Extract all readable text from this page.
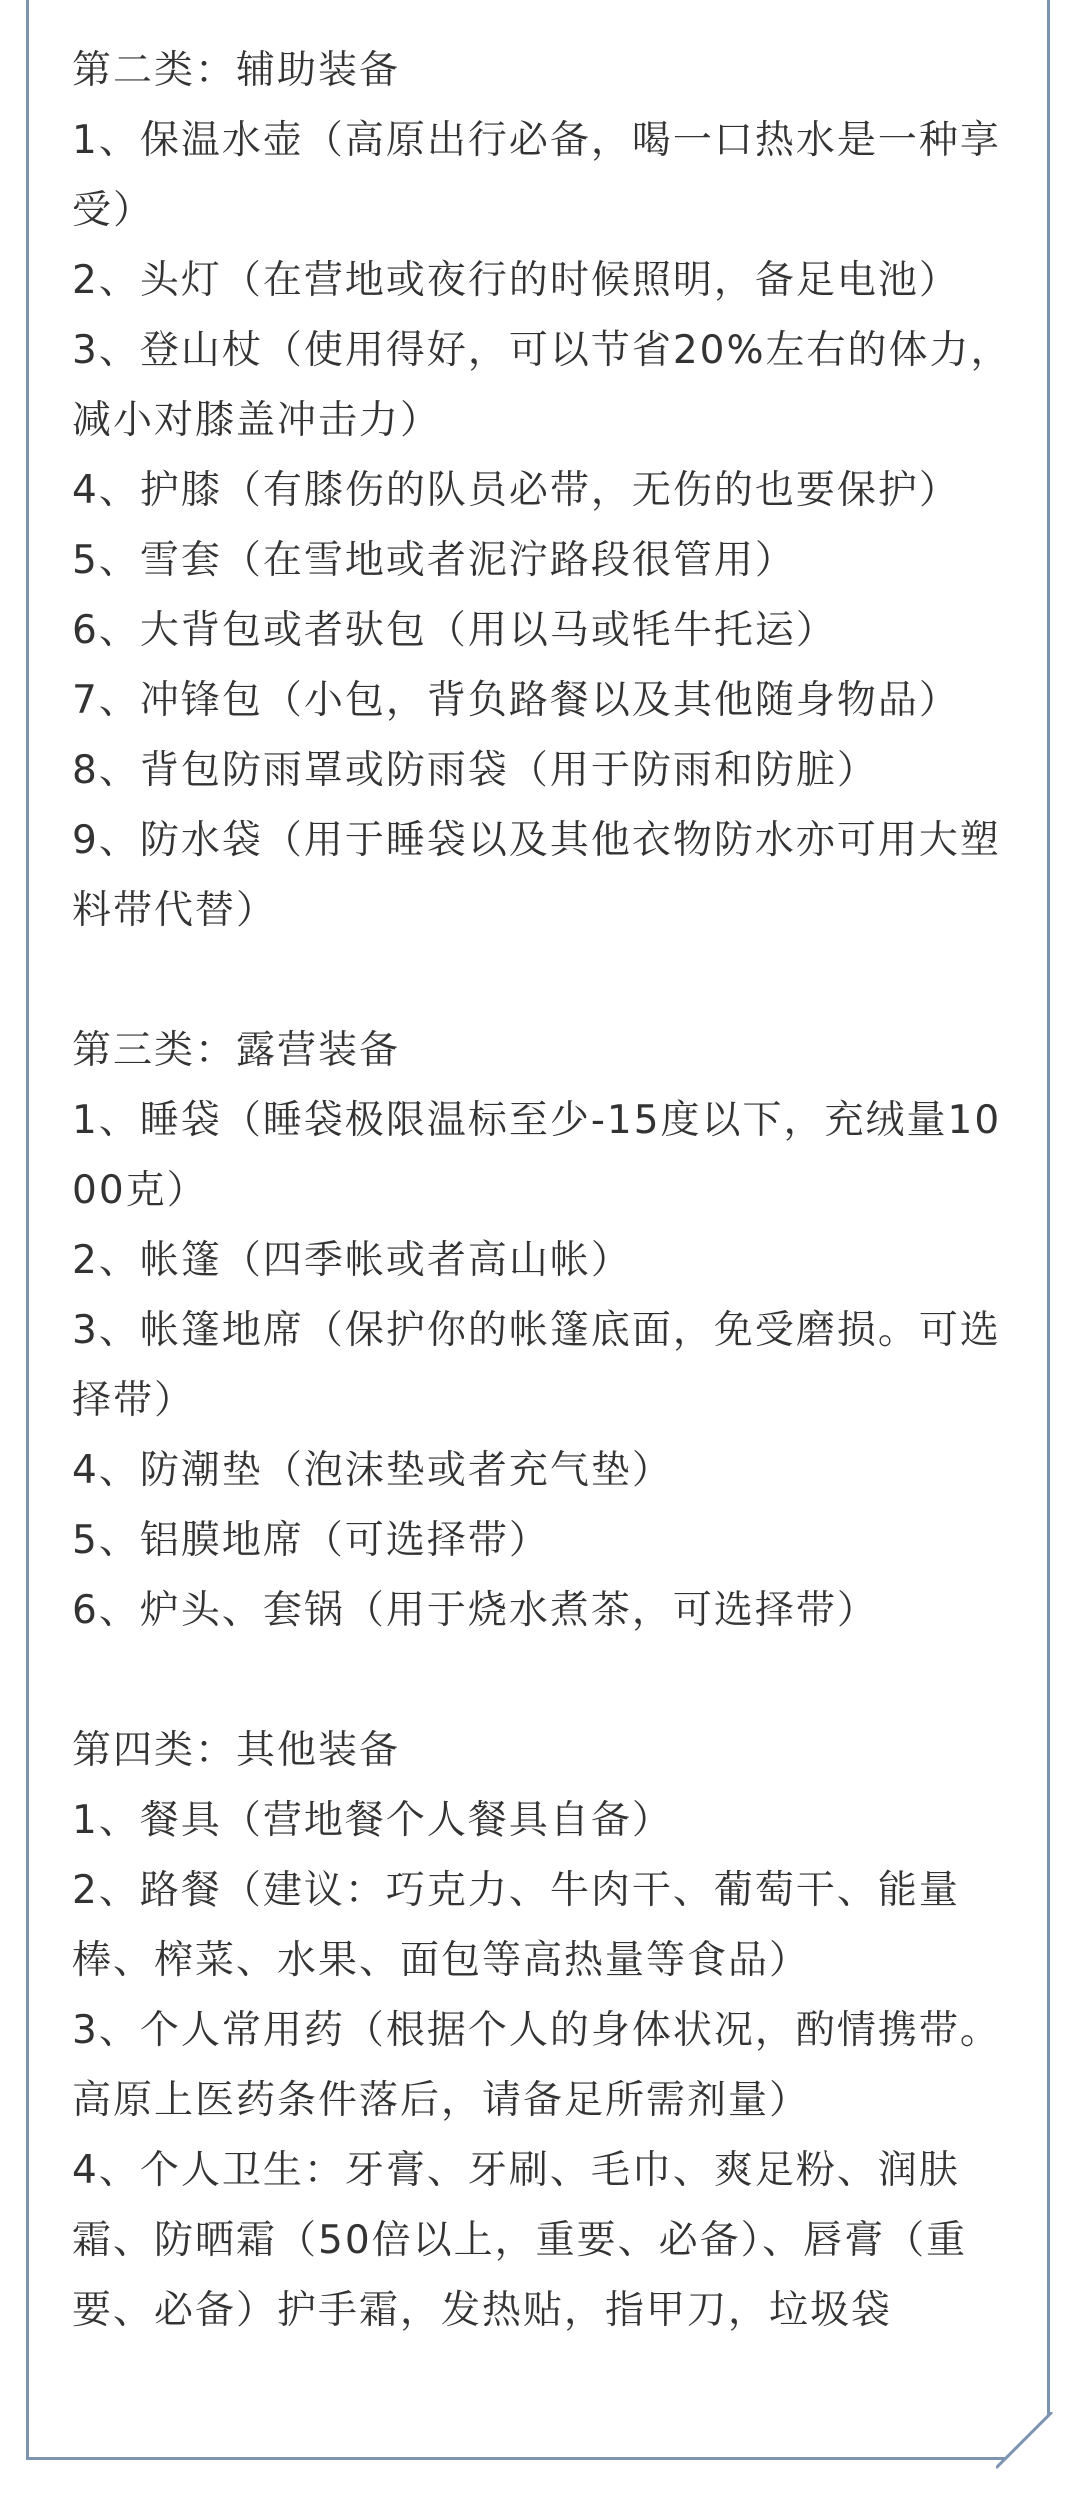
第二类：辅助装备
1、保温水壶（高原出行必备，喝一口热水是一种享受）
2、头灯（在营地或夜行的时候照明，备足电池）
3、登山杖（使用得好，可以节省20%左右的体力，减小对膝盖冲击力）
4、护膝（有膝伤的队员必带，无伤的也要保护）
5、雪套（在雪地或者泥泞路段很管用）
6、大背包或者驮包（用以马或牦牛托运）
7、冲锋包（小包，背负路餐以及其他随身物品）
8、背包防雨罩或防雨袋（用于防雨和防脏）
9、防水袋（用于睡袋以及其他衣物防水亦可用大塑料带代替）
第三类：露营装备
1、睡袋（睡袋极限温标至少-15度以下，充绒量1000克）
2、帐篷（四季帐或者高山帐）
3、帐篷地席（保护你的帐篷底面，免受磨损。可选择带）
4、防潮垫（泡沫垫或者充气垫）
5、铝膜地席（可选择带）
6、炉头、套锅（用于烧水煮茶，可选择带）
第四类：其他装备
1、餐具（营地餐个人餐具自备）
2、路餐（建议：巧克力、牛肉干、葡萄干、能量棒、榨菜、水果、面包等高热量等食品）
3、个人常用药（根据个人的身体状况，酌情携带。高原上医药条件落后，请备足所需剂量）
4、个人卫生：牙膏、牙刷、毛巾、爽足粉、润肤霜、防晒霜（50倍以上，重要、必备）、唇膏（重要、必备）护手霜，发热贴，指甲刀，垃圾袋
